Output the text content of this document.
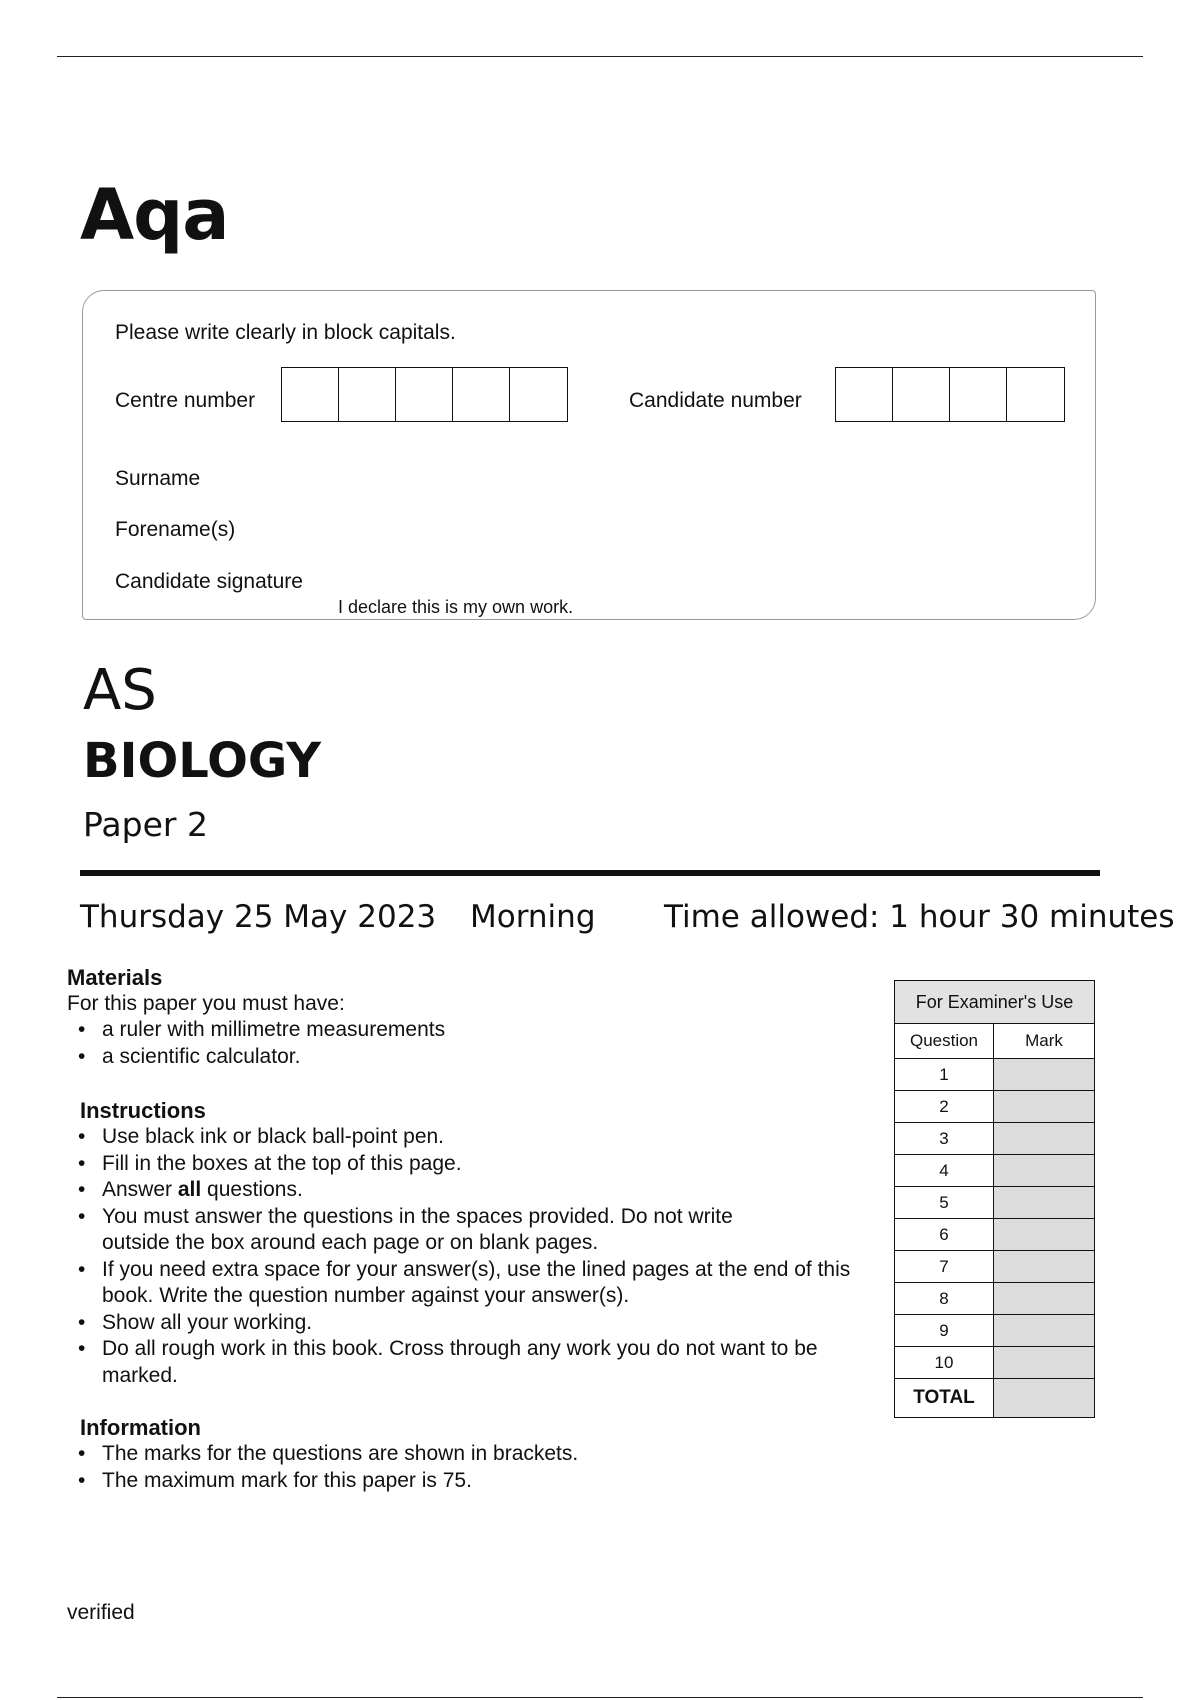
Aqa
Please write clearly in block capitals.
Centre number	Candidate number
Surname
Forename(s)
Candidate signature
I declare this is my own work.
AS
BIOLOGY
Paper 2
Thursday 25 May 2023 Morning Time allowed: 1 hour 30 minutes
Materials
For this paper you must have:
• a ruler with millimetre measurements
• a scientific calculator.
Instructions
• Use black ink or black ball-point pen.
• Fill in the boxes at the top of this page.
• Answer all questions.
• You must answer the questions in the spaces provided. Do not write outside the box around each page or on blank pages.
• If you need extra space for your answer(s), use the lined pages at the end of this book. Write the question number against your answer(s).
• Show all your working.
• Do all rough work in this book. Cross through any work you do not want to be marked.
Information
• The marks for the questions are shown in brackets.
• The maximum mark for this paper is 75.
For Examiner's Use	
Question	Mark
1	
2	
3	
4	
5	
6	
7	
8	
9	
10	
TOTAL	
verified
